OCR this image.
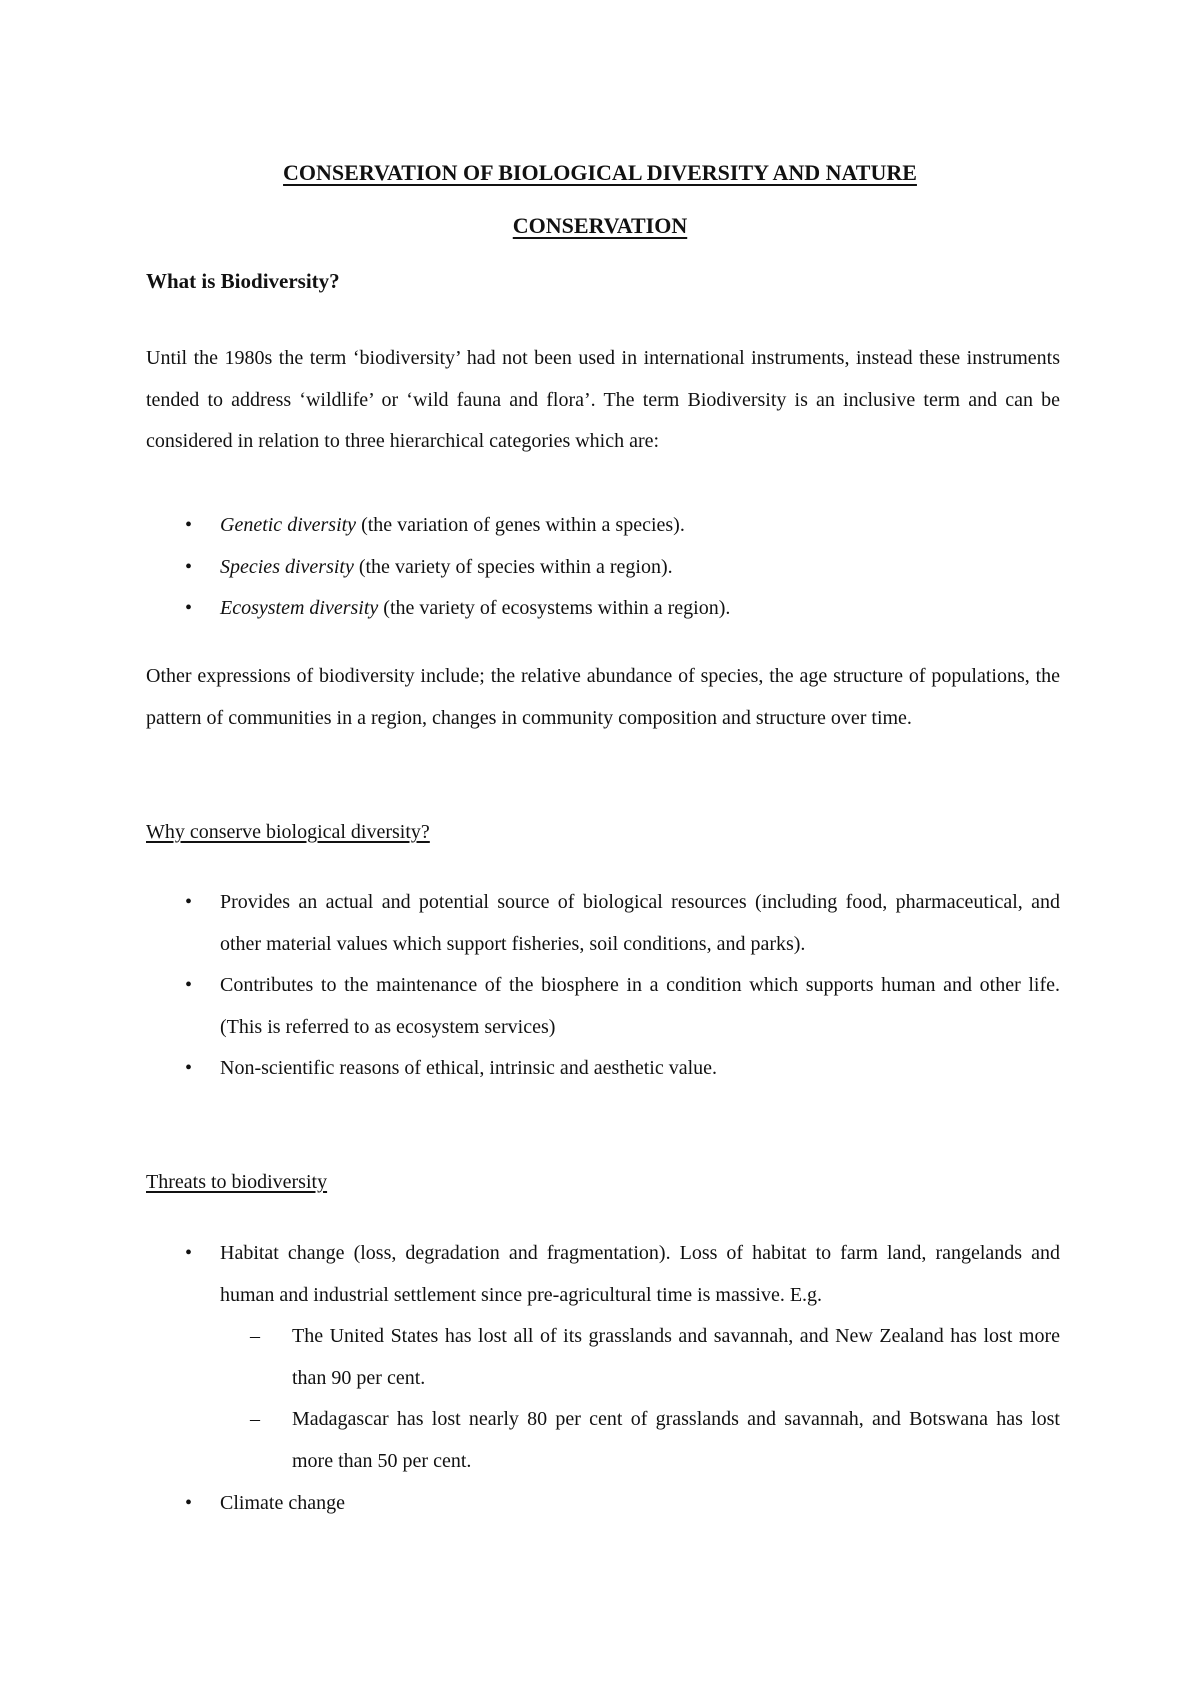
CONSERVATION OF BIOLOGICAL DIVERSITY AND NATURE
CONSERVATION
What is Biodiversity?

Until the 1980s the term ‘biodiversity’ had not been used in international instruments, instead these instruments tended to address ‘wildlife’ or ‘wild fauna and flora’. The term Biodiversity is an inclusive term and can be considered in relation to three hierarchical categories which are:

•	Genetic diversity (the variation of genes within a species).
•	Species diversity (the variety of species within a region).
•	Ecosystem diversity (the variety of ecosystems within a region).

Other expressions of biodiversity include; the relative abundance of species, the age structure of populations, the pattern of communities in a region, changes in community composition and structure over time.

Why conserve biological diversity?

•	Provides an actual and potential source of biological resources (including food, pharmaceutical, and other material values which support fisheries, soil conditions, and parks).
•	Contributes to the maintenance of the biosphere in a condition which supports human and other life. (This is referred to as ecosystem services)
•	Non-scientific reasons of ethical, intrinsic and aesthetic value.

Threats to biodiversity

•	Habitat change (loss, degradation and fragmentation). Loss of habitat to farm land, rangelands and human and industrial settlement since pre-agricultural time is massive. E.g.
– The United States has lost all of its grasslands and savannah, and New Zealand has lost more than 90 per cent.
– Madagascar has lost nearly 80 per cent of grasslands and savannah, and Botswana has lost more than 50 per cent.
•	Climate change
